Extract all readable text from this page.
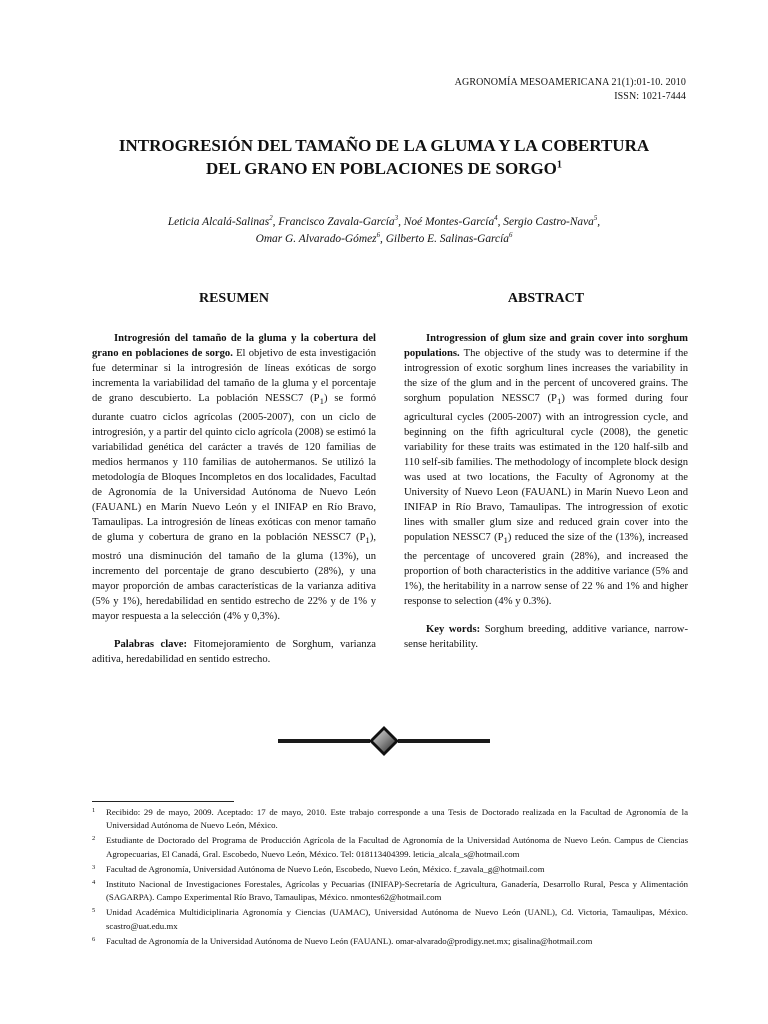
AGRONOMÍA MESOAMERICANA 21(1):01-10. 2010
ISSN: 1021-7444
INTROGRESIÓN DEL TAMAÑO DE LA GLUMA Y LA COBERTURA
DEL GRANO EN POBLACIONES DE SORGO$^1$
Leticia Alcalá-Salinas$^2$, Francisco Zavala-García$^3$, Noé Montes-García$^4$, Sergio Castro-Nava$^5$,
Omar G. Alvarado-Gómez$^6$, Gilberto E. Salinas-García$^6$
RESUMEN

Introgresión del tamaño de la gluma y la cobertura del grano en poblaciones de sorgo. El objetivo de esta investigación fue determinar si la introgresión de líneas exóticas de sorgo incrementa la variabilidad del tamaño de la gluma y el porcentaje de grano descubierto. La población NESSC7 $(P_1)$ se formó durante cuatro ciclos agrícolas (2005-2007), con un ciclo de introgresión, y a partir del quinto ciclo agrícola (2008) se estimó la variabilidad genética del carácter a través de 120 familias de medios hermanos y 110 familias de autohermanos. Se utilizó la metodología de Bloques Incompletos en dos localidades, Facultad de Agronomía de la Universidad Autónoma de Nuevo León (FAUANL) en Marín Nuevo León y el INIFAP en Río Bravo, Tamaulipas. La introgresión de líneas exóticas con menor tamaño de gluma y cobertura de grano en la población NESSC7 $(P_1)$, mostró una disminución del tamaño de la gluma (13%), un incremento del porcentaje de grano descubierto (28%), y una mayor proporción de ambas características de la varianza aditiva (5% y 1%), heredabilidad en sentido estrecho de 22% y de 1% y mayor respuesta a la selección (4% y 0,3%).

Palabras clave: Fitomejoramiento de Sorghum, varianza aditiva, heredabilidad en sentido estrecho.

ABSTRACT

Introgression of glum size and grain cover into sorghum populations. The objective of the study was to determine if the introgression of exotic sorghum lines increases the variability in the size of the glum and in the percent of uncovered grains. The sorghum population NESSC7 $(P_1)$ was formed during four agricultural cycles (2005-2007) with an introgression cycle, and beginning on the fifth agricultural cycle (2008), the genetic variability for these traits was estimated in the 120 half-silb and 110 self-sib families. The methodology of incomplete block design was used at two locations, the Faculty of Agronomy at the University of Nuevo Leon (FAUANL) in Marín Nuevo Leon and INIFAP in Río Bravo, Tamaulipas. The introgression of exotic lines with smaller glum size and reduced grain cover into the population NESSC7 $(P_1)$ reduced the size of the (13%), increased the percentage of uncovered grain (28%), and increased the proportion of both characteristics in the additive variance (5% and 1%), the heritability in a narrow sense of 22 % and 1% and higher response to selection (4% y 0.3%).

Key words: Sorghum breeding, additive variance, narrow-sense heritability.

1 Recibido: 29 de mayo, 2009. Aceptado: 17 de mayo, 2010. Este trabajo corresponde a una Tesis de Doctorado realizada en la Facultad de Agronomía de la Universidad Autónoma de Nuevo León, México.
2 Estudiante de Doctorado del Programa de Producción Agrícola de la Facultad de Agronomía de la Universidad Autónoma de Nuevo León. Campus de Ciencias Agropecuarias, El Canadá, Gral. Escobedo, Nuevo León, México. Tel: 018113404399. leticia_alcala_s@hotmail.com
3 Facultad de Agronomía, Universidad Autónoma de Nuevo León, Escobedo, Nuevo León, México. f_zavala_g@hotmail.com
4 Instituto Nacional de Investigaciones Forestales, Agrícolas y Pecuarias (INIFAP)-Secretaría de Agricultura, Ganadería, Desarrollo Rural, Pesca y Alimentación (SAGARPA). Campo Experimental Río Bravo, Tamaulipas, México. nmontes62@hotmail.com
5 Unidad Académica Multidiciplinaria Agronomía y Ciencias (UAMAC), Universidad Autónoma de Nuevo León (UANL), Cd. Victoria, Tamaulipas, México. scastro@uat.edu.mx
6 Facultad de Agronomía de la Universidad Autónoma de Nuevo León (FAUANL). omar-alvarado@prodigy.net.mx; gisalina@hotmail.com
